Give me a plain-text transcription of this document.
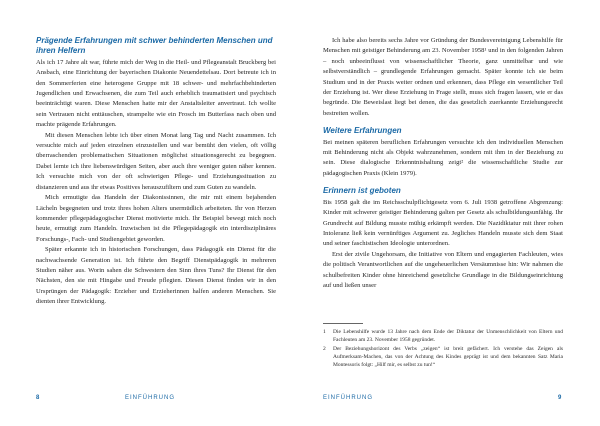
Prägende Erfahrungen mit schwer behinderten Menschen und ihren Helfern

Als ich 17 Jahre alt war, führte mich der Weg in die Heil- und Pflegeanstalt Bruckberg bei Ansbach, eine Einrichtung der bayerischen Diakonie Neuendettelsau. Dort betreute ich in den Sommerferien eine heterogene Gruppe mit 18 schwer- und mehrfachbehinderten Jugendlichen und Erwachsenen, die zum Teil auch erheblich traumatisiert und psychisch beeinträchtigt waren. Diese Menschen hatte mir der Anstaltsleiter anvertraut. Ich wollte sein Vertrauen nicht enttäuschen, strampelte wie ein Frosch im Butterfass nach oben und machte prägende Erfahrungen.

Mit diesen Menschen lebte ich über einen Monat lang Tag und Nacht zusammen. Ich versuchte mich auf jeden einzelnen einzustellen und war bemüht den vielen, oft völlig überraschenden problematischen Situationen möglichst situationsgerecht zu begegnen. Dabei lernte ich ihre liebenswürdigen Seiten, aber auch ihre weniger guten näher kennen. Ich versuchte mich von der oft schwierigen Pflege- und Erziehungssituation zu distanzieren und aus ihr etwas Positives herauszufiltern und zum Guten zu wandeln.

Mich ermutigte das Handeln der Diakonissinnen, die mir mit einem bejahenden Lächeln begegneten und trotz ihres hohen Alters unermüdlich arbeiteten. Ihr von Herzen kommender pflegepädagogischer Dienst motivierte mich. Ihr Beispiel bewegt mich noch heute, ermutigt zum Handeln. Inzwischen ist die Pflegepädagogik ein interdisziplinäres Forschungs-, Fach- und Studiengebiet geworden.

Später erkannte ich in historischen Forschungen, dass Pädagogik ein Dienst für die nachwachsende Generation ist. Ich führte den Begriff Dienstpädagogik in mehreren Studien näher aus. Worin sahen die Schwestern den Sinn ihres Tuns? Ihr Dienst für den Nächsten, den sie mit Hingabe und Freude pflegten. Diesen Dienst finden wir in den Ursprüngen der Pädagogik: Erzieher und Erzieherinnen halfen anderen Menschen. Sie dienten ihrer Entwicklung.

8	EINFÜHRUNG

Ich habe also bereits sechs Jahre vor Gründung der Bundesvereinigung Lebenshilfe für Menschen mit geistiger Behinderung am 23. November 1958¹ und in den folgenden Jahren – noch unbeeinflusst von wissenschaftlicher Theorie, ganz unmittelbar und wie selbstverständlich – grundlegende Erfahrungen gemacht. Später konnte ich sie beim Studium und in der Praxis weiter ordnen und erkennen, dass Pflege ein wesentlicher Teil der Erziehung ist. Wer diese Erziehung in Frage stellt, muss sich fragen lassen, wie er das begründe. Die Beweislast liegt bei denen, die das gesetzlich zuerkannte Erziehungsrecht bestreiten wollen.

Weitere Erfahrungen

Bei meinen späteren beruflichen Erfahrungen versuchte ich den individuellen Menschen mit Behinderung nicht als Objekt wahrzunehmen, sondern mit ihm in der Beziehung zu sein. Diese dialogische Erkenntnishaltung zeigt² die wissenschaftliche Studie zur pädagogischen Praxis (Klein 1979).

Erinnern ist geboten

Bis 1958 galt die im Reichsschulpflichtgesetz vom 6. Juli 1938 getroffene Abgrenzung: Kinder mit schwerer geistiger Behinderung galten per Gesetz als schulbildungsunfähig. Ihr Grundrecht auf Bildung musste mühig erkämpft werden. Die Nazidiktatur mit ihrer rohen Intoleranz ließ kein vernünftiges Argument zu. Jegliches Handeln musste sich dem Staat und seiner faschistischen Ideologie unterordnen.

Erst der zivile Ungehorsam, die Initiative von Eltern und engagierten Fachleuten, wies die politisch Verantwortlichen auf die ungeheuerlichen Versäumnisse hin: Wir nahmen die schulbefreiten Kinder ohne hinreichend gesetzliche Grundlage in die Bildungseinrichtung auf und ließen unser

1	Die Lebenshilfe wurde 13 Jahre nach dem Ende der Diktatur der Unmenschlichkeit von Eltern und Fachleuten am 23. November 1958 gegründet.
2	Der Beziehungshorizont des Verbs „zeigen“ ist breit gefächert. Ich verstehe das Zeigen als Aufmerksam-Machen, das von der Achtung des Kindes geprägt ist und dem bekannten Satz Maria Montessoris folgt: „Hilf mir, es selbst zu tun!“
EINFÜHRUNG	9
